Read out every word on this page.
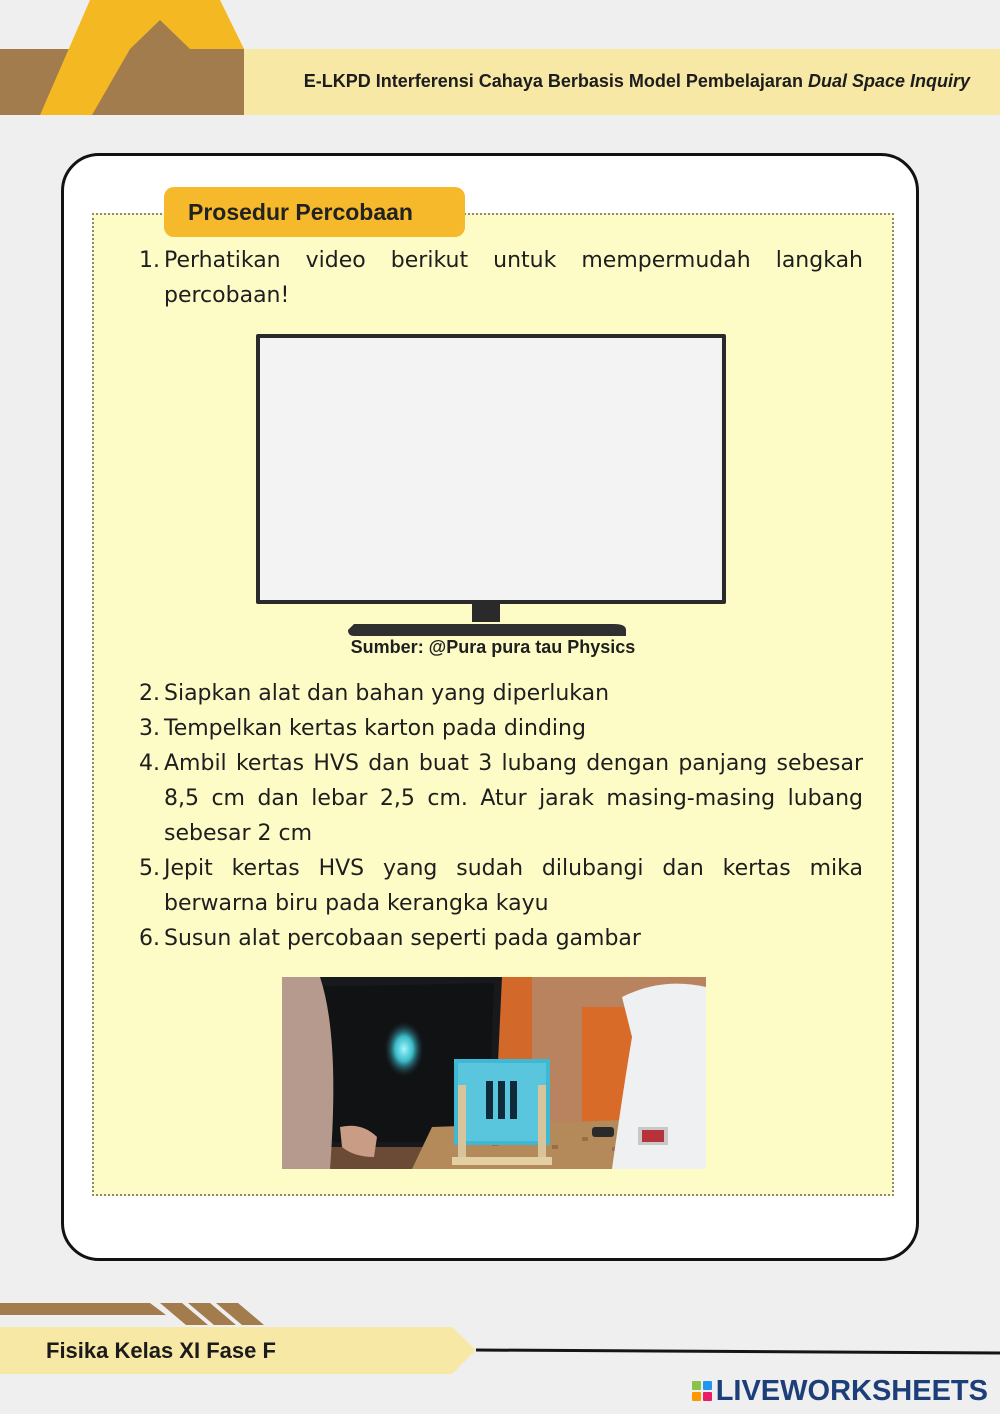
E-LKPD Interferensi Cahaya Berbasis Model Pembelajaran Dual Space Inquiry
Prosedur Percobaan
1. Perhatikan video berikut untuk mempermudah langkah percobaan!
Sumber: @Pura pura tau Physics
2. Siapkan alat dan bahan yang diperlukan
3. Tempelkan kertas karton pada dinding
4. Ambil kertas HVS dan buat 3 lubang dengan panjang sebesar 8,5 cm dan lebar 2,5 cm. Atur jarak masing-masing lubang sebesar 2 cm
5. Jepit kertas HVS yang sudah dilubangi dan kertas mika berwarna biru pada kerangka kayu
6. Susun alat percobaan seperti pada gambar
Fisika Kelas XI Fase F
LIVEWORKSHEETS
